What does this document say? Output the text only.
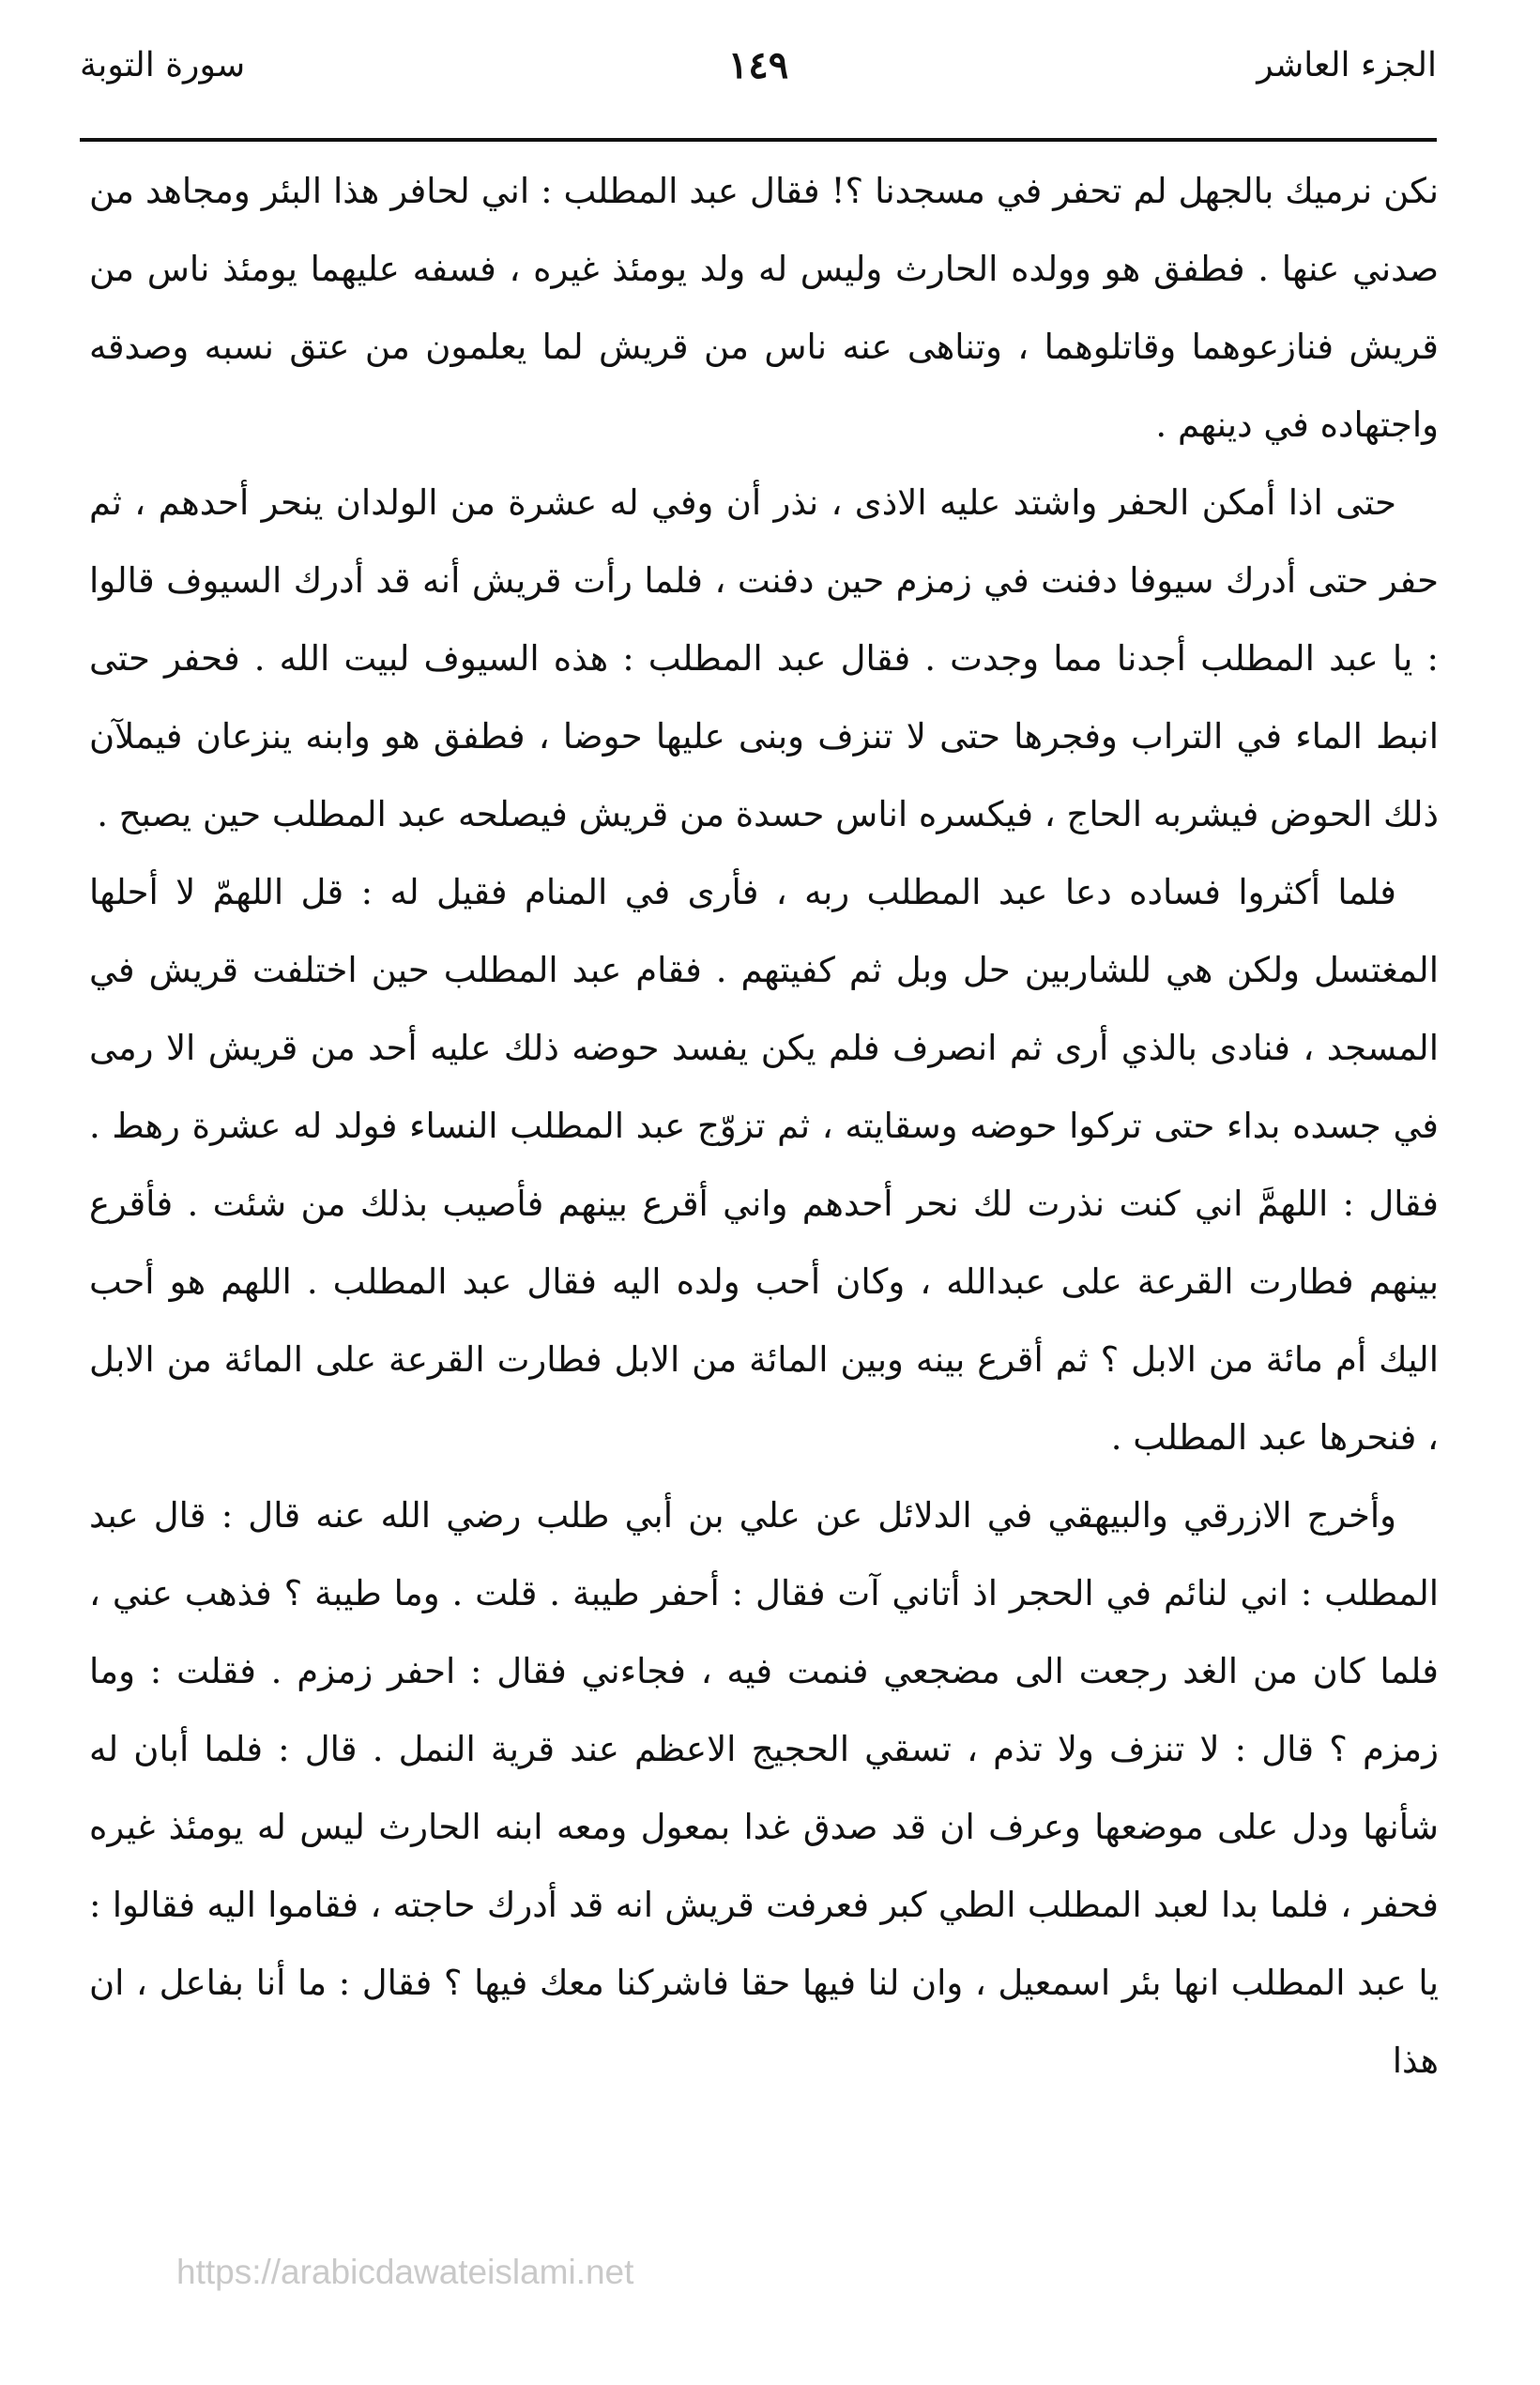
الجزء العاشر
١٤٩
سورة التوبة

نكن نرميك بالجهل لم تحفر في مسجدنا ؟! فقال عبد المطلب : اني لحافر هذا البئر ومجاهد من صدني عنها . فطفق هو وولده الحارث وليس له ولد يومئذ غيره ، فسفه عليهما يومئذ ناس من قريش فنازعوهما وقاتلوهما ، وتناهى عنه ناس من قريش لما يعلمون من عتق نسبه وصدقه واجتهاده في دينهم .

حتى اذا أمكن الحفر واشتد عليه الاذى ، نذر أن وفي له عشرة من الولدان ينحر أحدهم ، ثم حفر حتى أدرك سيوفا دفنت في زمزم حين دفنت ، فلما رأت قريش أنه قد أدرك السيوف قالوا : يا عبد المطلب أجدنا مما وجدت . فقال عبد المطلب : هذه السيوف لبيت الله . فحفر حتى انبط الماء في التراب وفجرها حتى لا تنزف وبنى عليها حوضا ، فطفق هو وابنه ينزعان فيملآن ذلك الحوض فيشربه الحاج ، فيكسره اناس حسدة من قريش فيصلحه عبد المطلب حين يصبح .

فلما أكثروا فساده دعا عبد المطلب ربه ، فأرى في المنام فقيل له : قل اللهمّ لا أحلها المغتسل ولكن هي للشاربين حل وبل ثم كفيتهم . فقام عبد المطلب حين اختلفت قريش في المسجد ، فنادى بالذي أرى ثم انصرف فلم يكن يفسد حوضه ذلك عليه أحد من قريش الا رمى في جسده بداء حتى تركوا حوضه وسقايته ، ثم تزوّج عبد المطلب النساء فولد له عشرة رهط . فقال : اللهمَّ اني كنت نذرت لك نحر أحدهم واني أقرع بينهم فأصيب بذلك من شئت . فأقرع بينهم فطارت القرعة على عبدالله ، وكان أحب ولده اليه فقال عبد المطلب . اللهم هو أحب اليك أم مائة من الابل ؟ ثم أقرع بينه وبين المائة من الابل فطارت القرعة على المائة من الابل ، فنحرها عبد المطلب .

وأخرج الازرقي والبيهقي في الدلائل عن علي بن أبي طلب رضي الله عنه قال : قال عبد المطلب : اني لنائم في الحجر اذ أتاني آت فقال : أحفر طيبة . قلت . وما طيبة ؟ فذهب عني ، فلما كان من الغد رجعت الى مضجعي فنمت فيه ، فجاءني فقال : احفر زمزم . فقلت : وما زمزم ؟ قال : لا تنزف ولا تذم ، تسقي الحجيج الاعظم عند قرية النمل . قال : فلما أبان له شأنها ودل على موضعها وعرف ان قد صدق غدا بمعول ومعه ابنه الحارث ليس له يومئذ غيره فحفر ، فلما بدا لعبد المطلب الطي كبر فعرفت قريش انه قد أدرك حاجته ، فقاموا اليه فقالوا : يا عبد المطلب انها بئر اسمعيل ، وان لنا فيها حقا فاشركنا معك فيها ؟ فقال : ما أنا بفاعل ، ان هذا

https://arabicdawateislami.net
